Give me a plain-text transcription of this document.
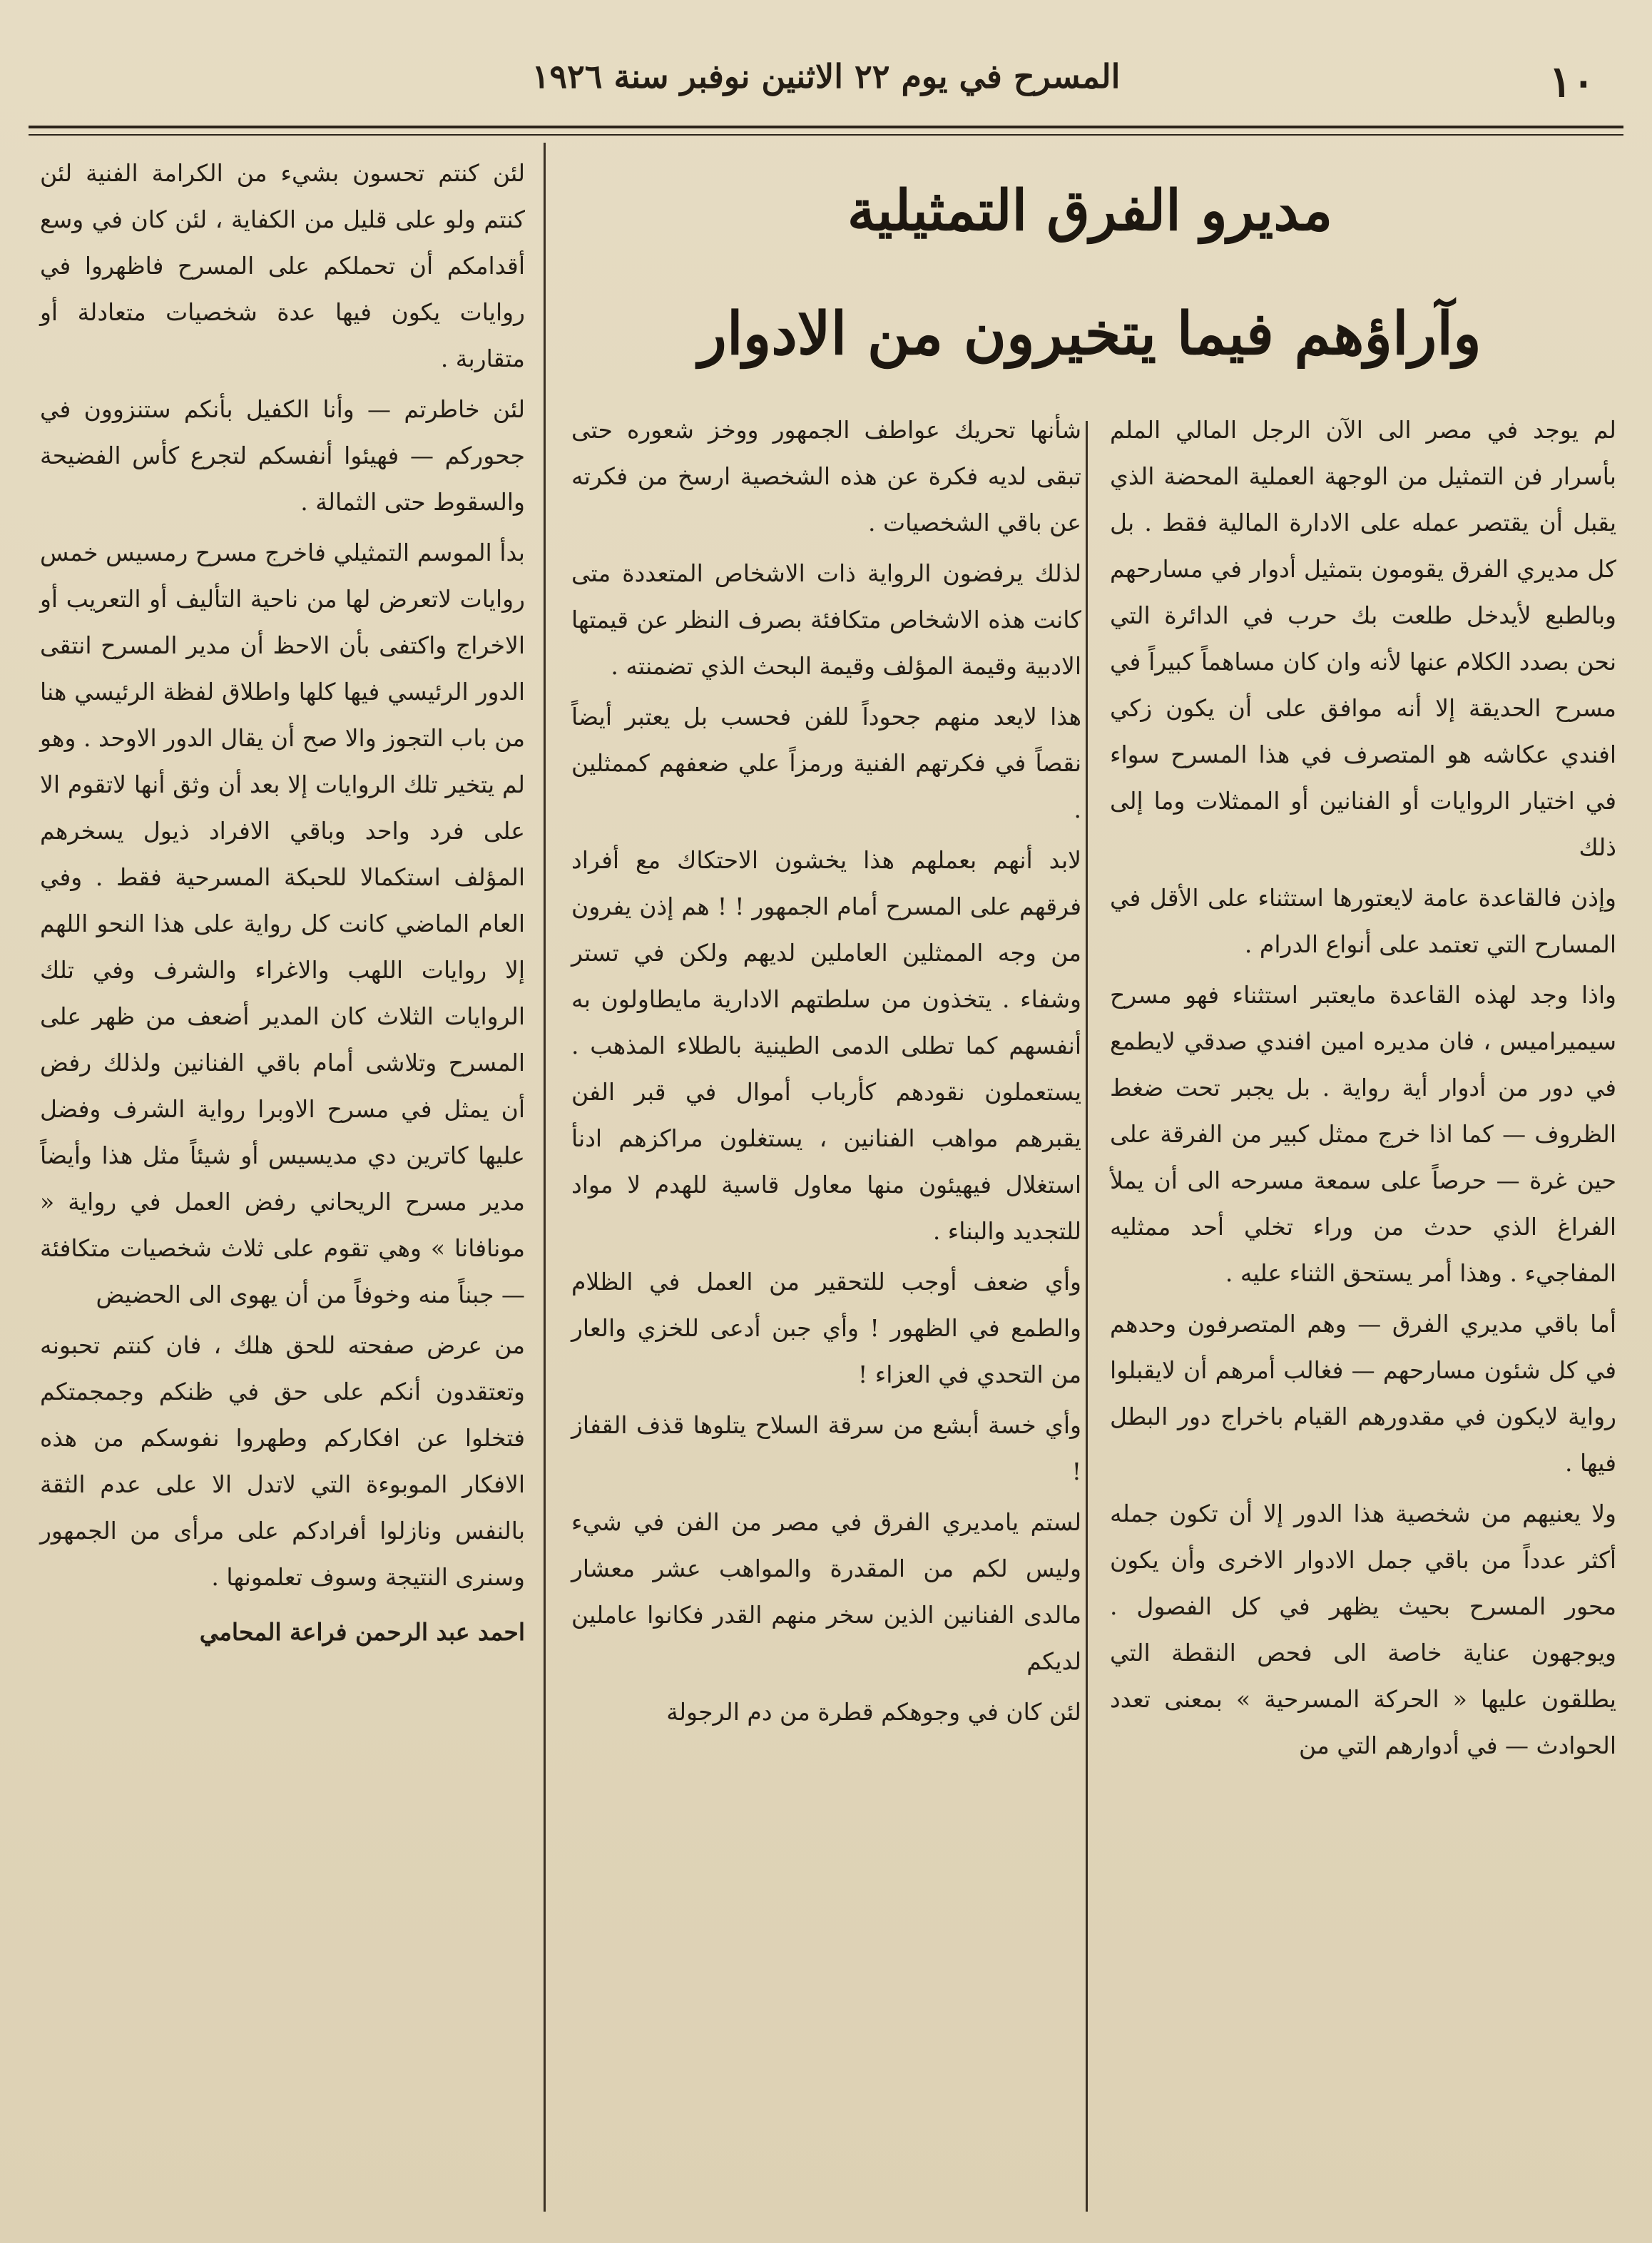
١٠
المسرح في يوم ٢٢ الاثنين نوفبر سنة ١٩٢٦
مديرو الفرق التمثيلية
وآراؤهم فيما يتخيرون من الادوار

لم يوجد في مصر الى الآن الرجل المالي الملم بأسرار فن التمثيل من الوجهة العملية المحضة الذي يقبل أن يقتصر عمله على الادارة المالية فقط . بل كل مديري الفرق يقومون بتمثيل أدوار في مسارحهم وبالطبع لأيدخل طلعت بك حرب في الدائرة التي نحن بصدد الكلام عنها لأنه وان كان مساهماً كبيراً في مسرح الحديقة إلا أنه موافق على أن يكون زكي افندي عكاشه هو المتصرف في هذا المسرح سواء في اختيار الروايات أو الفنانين أو الممثلات وما إلى ذلك

وإذن فالقاعدة عامة لايعتورها استثناء على الأقل في المسارح التي تعتمد على أنواع الدرام .

واذا وجد لهذه القاعدة مايعتبر استثناء فهو مسرح سيميراميس ، فان مديره امين افندي صدقي لايطمع في دور من أدوار أية رواية . بل يجبر تحت ضغط الظروف — كما اذا خرج ممثل كبير من الفرقة على حين غرة — حرصاً على سمعة مسرحه الى أن يملأ الفراغ الذي حدث من وراء تخلي أحد ممثليه المفاجيء . وهذا أمر يستحق الثناء عليه .

أما باقي مديري الفرق — وهم المتصرفون وحدهم في كل شئون مسارحهم — فغالب أمرهم أن لايقبلوا رواية لايكون في مقدورهم القيام باخراج دور البطل فيها .

ولا يعنيهم من شخصية هذا الدور إلا أن تكون جمله أكثر عدداً من باقي جمل الادوار الاخرى وأن يكون محور المسرح بحيث يظهر في كل الفصول . ويوجهون عناية خاصة الى فحص النقطة التي يطلقون عليها « الحركة المسرحية » بمعنى تعدد الحوادث — في أدوارهم التي من

شأنها تحريك عواطف الجمهور ووخز شعوره حتى تبقى لديه فكرة عن هذه الشخصية ارسخ من فكرته عن باقي الشخصيات .

لذلك يرفضون الرواية ذات الاشخاص المتعددة متى كانت هذه الاشخاص متكافئة بصرف النظر عن قيمتها الادبية وقيمة المؤلف وقيمة البحث الذي تضمنته .

هذا لايعد منهم جحوداً للفن فحسب بل يعتبر أيضاً نقصاً في فكرتهم الفنية ورمزاً علي ضعفهم كممثلين .

لابد أنهم بعملهم هذا يخشون الاحتكاك مع أفراد فرقهم على المسرح أمام الجمهور ! ! هم إذن يفرون من وجه الممثلين العاملين لديهم ولكن في تستر وشفاء . يتخذون من سلطتهم الادارية مايطاولون به أنفسهم كما تطلى الدمى الطينية بالطلاء المذهب . يستعملون نقودهم كأرباب أموال في قبر الفن يقبرهم مواهب الفنانين ، يستغلون مراكزهم ادنأ استغلال فيهيئون منها معاول قاسية للهدم لا مواد للتجديد والبناء .

وأي ضعف أوجب للتحقير من العمل في الظلام والطمع في الظهور ! وأي جبن أدعى للخزي والعار من التحدي في العزاء !

وأي خسة أبشع من سرقة السلاح يتلوها قذف القفاز !

لستم يامديري الفرق في مصر من الفن في شيء وليس لكم من المقدرة والمواهب عشر معشار مالدى الفنانين الذين سخر منهم القدر فكانوا عاملين لديكم

لئن كان في وجوهكم قطرة من دم الرجولة

لئن كنتم تحسون بشيء من الكرامة الفنية لئن كنتم ولو على قليل من الكفاية ، لئن كان في وسع أقدامكم أن تحملكم على المسرح فاظهروا في روايات يكون فيها عدة شخصيات متعادلة أو متقاربة .

لئن خاطرتم — وأنا الكفيل بأنكم ستنزوون في جحوركم — فهيئوا أنفسكم لتجرع كأس الفضيحة والسقوط حتى الثمالة .

بدأ الموسم التمثيلي فاخرج مسرح رمسيس خمس روايات لاتعرض لها من ناحية التأليف أو التعريب أو الاخراج واكتفى بأن الاحظ أن مدير المسرح انتقى الدور الرئيسي فيها كلها واطلاق لفظة الرئيسي هنا من باب التجوز والا صح أن يقال الدور الاوحد . وهو لم يتخير تلك الروايات إلا بعد أن وثق أنها لاتقوم الا على فرد واحد وباقي الافراد ذيول يسخرهم المؤلف استكمالا للحبكة المسرحية فقط . وفي العام الماضي كانت كل رواية على هذا النحو اللهم إلا روايات اللهب والاغراء والشرف وفي تلك الروايات الثلاث كان المدير أضعف من ظهر على المسرح وتلاشى أمام باقي الفنانين ولذلك رفض أن يمثل في مسرح الاوبرا رواية الشرف وفضل عليها كاترين دي مديسيس أو شيئاً مثل هذا وأيضاً مدير مسرح الريحاني رفض العمل في رواية « مونافانا » وهي تقوم على ثلاث شخصيات متكافئة — جبناً منه وخوفاً من أن يهوى الى الحضيض

من عرض صفحته للحق هلك ، فان كنتم تحبونه وتعتقدون أنكم على حق في ظنكم وجمجمتكم فتخلوا عن افكاركم وطهروا نفوسكم من هذه الافكار الموبوءة التي لاتدل الا على عدم الثقة بالنفس ونازلوا أفرادكم على مرأى من الجمهور وسنرى النتيجة وسوف تعلمونها .

احمد عبد الرحمن فراعة المحامي
